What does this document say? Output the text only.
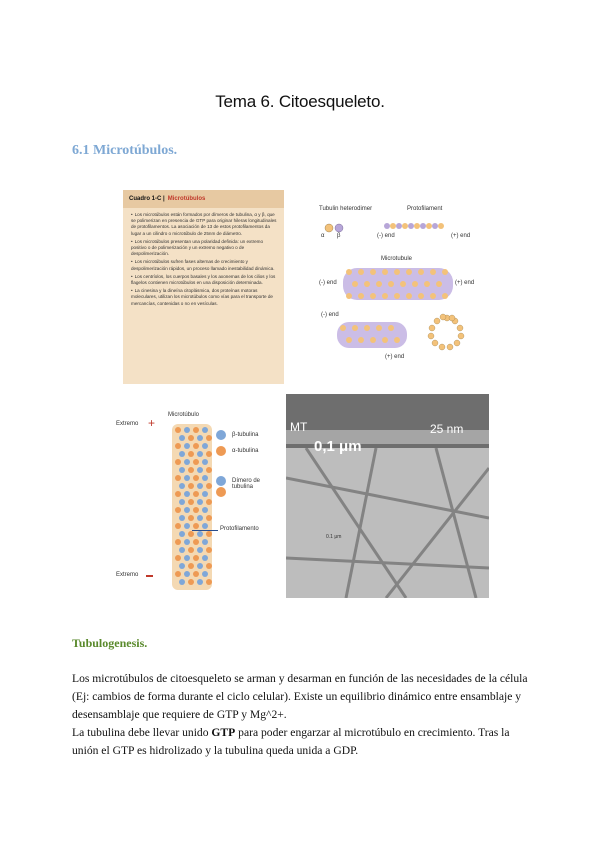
Tema 6. Citoesqueleto.
6.1 Microtúbulos.
Cuadro 1-C | Microtúbulos
• Los microtúbulos están formados por dímeros de tubulina, α y β, que se polimerizan en presencia de GTP para originar hileras longitudinales de protofilamentos. La asociación de 13 de estos protofilamentos da lugar a un cilindro o microtúbulo de 25nm de diámetro.
• Los microtúbulos presentan una polaridad definida: un extremo positivo o de polimerización y un extremo negativo o de despolimerización.
• Los microtúbulos sufren fases alternas de crecimiento y despolimerización rápidos, un proceso llamado inestabilidad dinámica.
• Los centríolos, los cuerpos basales y los axonemas de los cilios y los flagelos contienen microtúbulos en una disposición determinada.
• La cinesina y la dineína citoplásmica, dos proteínas motoras moleculares, utilizan los microtúbulos como vías para el transporte de mercancías, contenidas o no en vesículas.
Tubulin heterodimer	Protofilament
α β	(-) end	(+) end
Microtubule
(-) end	(+) end
(-) end
(+) end
Extremo +
Microtúbulo
β-tubulina
α-tubulina
Dímero de tubulina
Protofilamento
Extremo
MT
0,1 μm
25 nm
0.1 μm
Tubulogenesis.
Los microtúbulos de citoesqueleto se arman y desarman en función de las necesidades de la célula (Ej: cambios de forma durante el ciclo celular). Existe un equilibrio dinámico entre ensamblaje y desensamblaje que requiere de GTP y Mg^2+.
La tubulina debe llevar unido GTP para poder engarzar al microtúbulo en crecimiento. Tras la unión el GTP es hidrolizado y la tubulina queda unida a GDP.
